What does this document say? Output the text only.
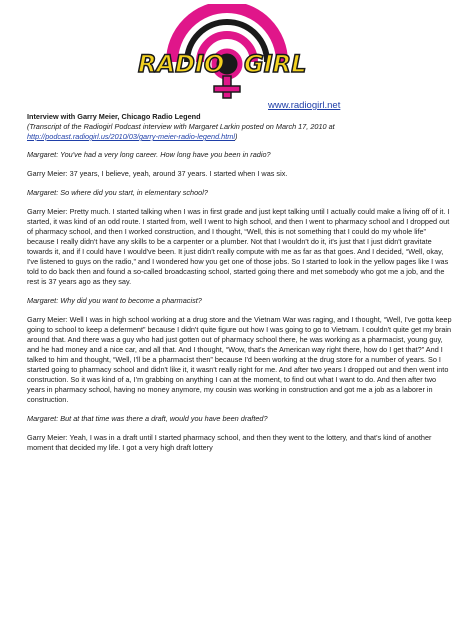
RADIO GIRL
www.radiogirl.net

Interview with Garry Meier, Chicago Radio Legend

(Transcript of the Radiogirl Podcast interview with Margaret Larkin posted on March 17, 2010 at http://podcast.radiogirl.us/2010/03/garry-meier-radio-legend.html)

Margaret: You've had a very long career. How long have you been in radio?

Garry Meier: 37 years, I believe, yeah, around 37 years. I started when I was six.

Margaret: So where did you start, in elementary school?

Garry Meier: Pretty much. I started talking when I was in first grade and just kept talking until I actually could make a living off of it. I started, it was kind of an odd route. I started from, well I went to high school, and then I went to pharmacy school and I dropped out of pharmacy school, and then I worked construction, and I thought, “Well, this is not something that I could do my whole life” because I really didn't have any skills to be a carpenter or a plumber. Not that I wouldn't do it, it's just that I just didn't gravitate towards it, and if I could have I would've been. It just didn't really compute with me as far as that goes. And I decided, “Well, okay, I've listened to guys on the radio,” and I wondered how you get one of those jobs. So I started to look in the yellow pages like I was told to do back then and found a so-called broadcasting school, started going there and met somebody who got me a job, and the rest is 37 years ago as they say.

Margaret: Why did you want to become a pharmacist?

Garry Meier: Well I was in high school working at a drug store and the Vietnam War was raging, and I thought, “Well, I've gotta keep going to school to keep a deferment” because I didn't quite figure out how I was going to go to Vietnam. I couldn't quite get my brain around that. And there was a guy who had just gotten out of pharmacy school there, he was working as a pharmacist, young guy, and he had money and a nice car, and all that. And I thought, “Wow, that's the American way right there, how do I get that?” And I talked to him and thought, “Well, I'll be a pharmacist then” because I'd been working at the drug store for a number of years. So I started going to pharmacy school and didn't like it, it wasn't really right for me. And after two years I dropped out and then went into construction. So it was kind of a, I'm grabbing on anything I can at the moment, to find out what I want to do. And then after two years in pharmacy school, having no money anymore, my cousin was working in construction and got me a job as a laborer in construction.

Margaret: But at that time was there a draft, would you have been drafted?

Garry Meier: Yeah, I was in a draft until I started pharmacy school, and then they went to the lottery, and that's kind of another moment that decided my life. I got a very high draft lottery
